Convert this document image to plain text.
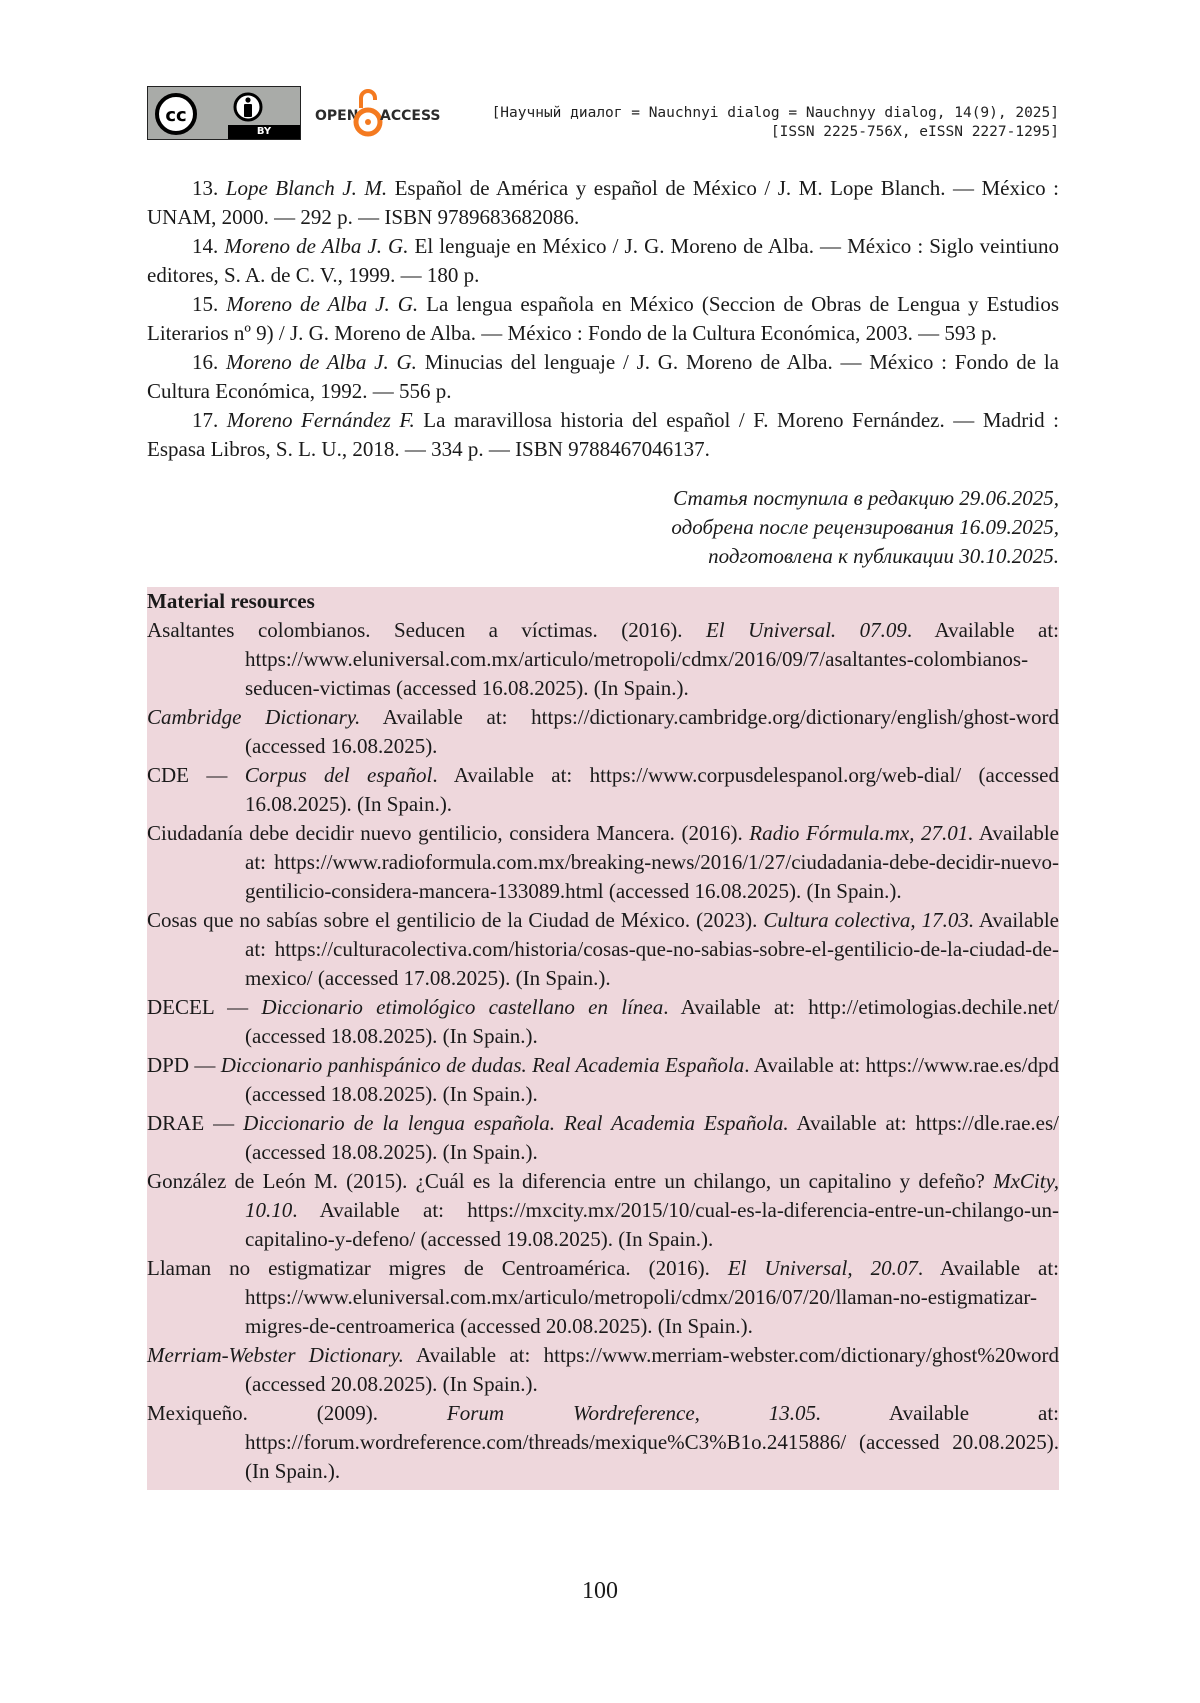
cc
BY
OPEN ACCESS	[Научный диалог = Nauchnyi dialog = Nauchnyy dialog, 14(9), 2025]
[ISSN 2225-756X, eISSN 2227-1295]

13. Lope Blanch J. M. Español de América y español de México / J. M. Lope Blanch. — México : UNAM, 2000. — 292 p. — ISBN 9789683682086.

14. Moreno de Alba J. G. El lenguaje en México / J. G. Moreno de Alba. — México : Siglo veintiuno editores, S. A. de C. V., 1999. — 180 p.

15. Moreno de Alba J. G. La lengua española en México (Seccion de Obras de Lengua y Estudios Literarios nº 9) / J. G. Moreno de Alba. — México : Fondo de la Cultura Económica, 2003. — 593 p.

16. Moreno de Alba J. G. Minucias del lenguaje / J. G. Moreno de Alba. — México : Fondo de la Cultura Económica, 1992. — 556 p.

17. Moreno Fernández F. La maravillosa historia del español / F. Moreno Fernández. — Madrid : Espasa Libros, S. L. U., 2018. — 334 p. — ISBN 9788467046137.

Статья поступила в редакцию 29.06.2025,
одобрена после рецензирования 16.09.2025,
подготовлена к публикации 30.10.2025.
Material resources

Asaltantes colombianos. Seducen a víctimas. (2016). El Universal. 07.09. Available at: https://www.eluniversal.com.mx/articulo/metropoli/cdmx/2016/09/7/asaltantes-colombianos-seducen-victimas (accessed 16.08.2025). (In Spain.).

Cambridge Dictionary. Available at: https://dictionary.cambridge.org/dictionary/english/ghost-word (accessed 16.08.2025).

CDE — Corpus del español. Available at: https://www.corpusdelespanol.org/web-dial/ (accessed 16.08.2025). (In Spain.).

Ciudadanía debe decidir nuevo gentilicio, considera Mancera. (2016). Radio Fórmula.mx, 27.01. Available at: https://www.radioformula.com.mx/breaking-news/2016/1/27/ciudadania-debe-decidir-nuevo-gentilicio-considera-mancera-133089.html (accessed 16.08.2025). (In Spain.).

Cosas que no sabías sobre el gentilicio de la Ciudad de México. (2023). Cultura colectiva, 17.03. Available at: https://culturacolectiva.com/historia/cosas-que-no-sabias-sobre-el-gentilicio-de-la-ciudad-de-mexico/ (accessed 17.08.2025). (In Spain.).

DECEL — Diccionario etimológico castellano en línea. Available at: http://etimologias.dechile.net/ (accessed 18.08.2025). (In Spain.).

DPD — Diccionario panhispánico de dudas. Real Academia Española. Available at: https://www.rae.es/dpd (accessed 18.08.2025). (In Spain.).

DRAE — Diccionario de la lengua española. Real Academia Española. Available at: https://dle.rae.es/ (accessed 18.08.2025). (In Spain.).

González de León M. (2015). ¿Cuál es la diferencia entre un chilango, un capitalino y defeño? MxCity, 10.10. Available at: https://mxcity.mx/2015/10/cual-es-la-diferencia-entre-un-chilango-un-capitalino-y-defeno/ (accessed 19.08.2025). (In Spain.).

Llaman no estigmatizar migres de Centroamérica. (2016). El Universal, 20.07. Available at: https://www.eluniversal.com.mx/articulo/metropoli/cdmx/2016/07/20/llaman-no-estigmatizar-migres-de-centroamerica (accessed 20.08.2025). (In Spain.).

Merriam-Webster Dictionary. Available at: https://www.merriam-webster.com/dictionary/ghost%20word (accessed 20.08.2025). (In Spain.).

Mexiqueño. (2009). Forum Wordreference, 13.05. Available at: https://forum.wordreference.com/threads/mexique%C3%B1o.2415886/ (accessed 20.08.2025). (In Spain.).

100
